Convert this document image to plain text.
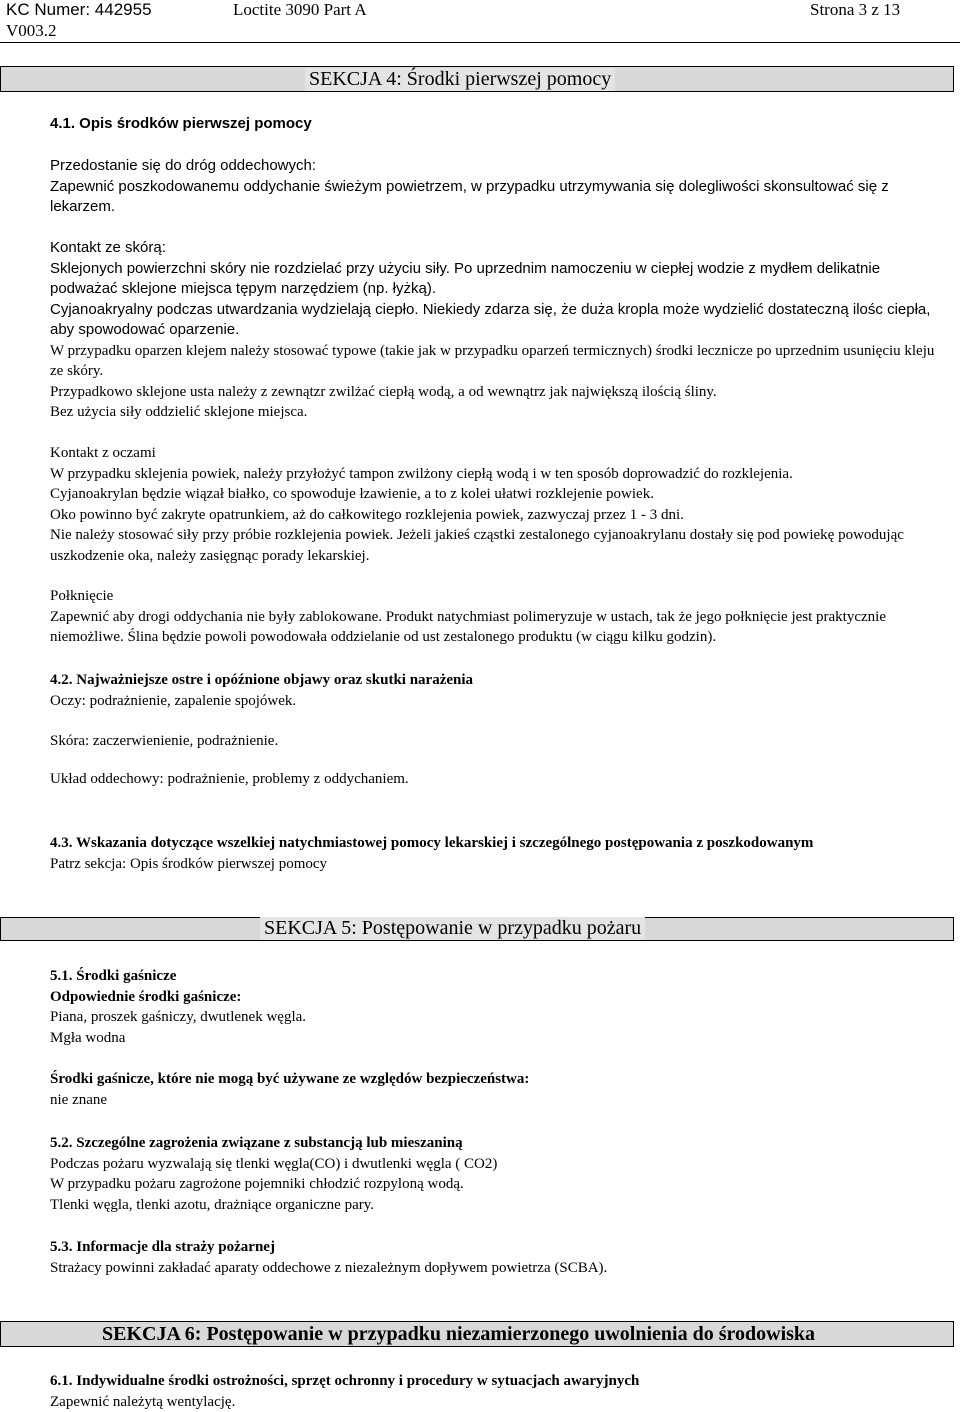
KC Numer: 442955
V003.2
Loctite 3090 Part A	Strona 3 z 13
SEKCJA 4: Środki pierwszej pomocy
4.1. Opis środków pierwszej pomocy

Przedostanie się do dróg oddechowych:

Zapewnić poszkodowanemu oddychanie świeżym powietrzem, w przypadku utrzymywania się dolegliwości skonsultować się z lekarzem.

Kontakt ze skórą:

Sklejonych powierzchni skóry nie rozdzielać przy użyciu siły. Po uprzednim namoczeniu w ciepłej wodzie z mydłem delikatnie podważać sklejone miejsca tępym narzędziem (np. łyżką).

Cyjanoakryalny podczas utwardzania wydzielają ciepło. Niekiedy zdarza się, że duża kropla może wydzielić dostateczną ilośc ciepła, aby spowodować oparzenie.

W przypadku oparzen klejem należy stosować typowe (takie jak w przypadku oparzeń termicznych) środki lecznicze po uprzednim usunięciu kleju ze skóry.

Przypadkowo sklejone usta należy z zewnątzr zwilżać ciepłą wodą, a od wewnątrz jak największą ilością śliny.

Bez użycia siły oddzielić sklejone miejsca.

Kontakt z oczami

W przypadku sklejenia powiek, należy przyłożyć tampon zwilżony ciepłą wodą i w ten sposób doprowadzić do rozklejenia.

Cyjanoakrylan będzie wiązał białko, co spowoduje łzawienie, a to z kolei ułatwi rozklejenie powiek.

Oko powinno być zakryte opatrunkiem, aż do całkowitego rozklejenia powiek, zazwyczaj przez 1 - 3 dni.

Nie należy stosować siły przy próbie rozklejenia powiek. Jeżeli jakieś cząstki zestalonego cyjanoakrylanu dostały się pod powiekę powodując uszkodzenie oka, należy zasięgnąc porady lekarskiej.

Połknięcie

Zapewnić aby drogi oddychania nie były zablokowane. Produkt natychmiast polimeryzuje w ustach, tak że jego połknięcie jest praktycznie niemożliwe. Ślina będzie powoli powodowała oddzielanie od ust zestalonego produktu (w ciągu kilku godzin).

4.2. Najważniejsze ostre i opóźnione objawy oraz skutki narażenia

Oczy: podrażnienie, zapalenie spojówek.

Skóra: zaczerwienienie, podrażnienie.

Układ oddechowy: podrażnienie, problemy z oddychaniem.

4.3. Wskazania dotyczące wszelkiej natychmiastowej pomocy lekarskiej i szczególnego postępowania z poszkodowanym

Patrz sekcja: Opis środków pierwszej pomocy

SEKCJA 5: Postępowanie w przypadku pożaru

5.1. Środki gaśnicze

Odpowiednie środki gaśnicze:

Piana, proszek gaśniczy, dwutlenek węgla.

Mgła wodna

Środki gaśnicze, które nie mogą być używane ze względów bezpieczeństwa:

nie znane

5.2. Szczególne zagrożenia związane z substancją lub mieszaniną

Podczas pożaru wyzwalają się tlenki węgla(CO) i dwutlenki węgla ( CO2)

W przypadku pożaru zagrożone pojemniki chłodzić rozpyloną wodą.

Tlenki węgla, tlenki azotu, drażniące organiczne pary.

5.3. Informacje dla straży pożarnej

Strażacy powinni zakładać aparaty oddechowe z niezależnym dopływem powietrza (SCBA).

SEKCJA 6: Postępowanie w przypadku niezamierzonego uwolnienia do środowiska

6.1. Indywidualne środki ostrożności, sprzęt ochronny i procedury w sytuacjach awaryjnych

Zapewnić należytą wentylację.
